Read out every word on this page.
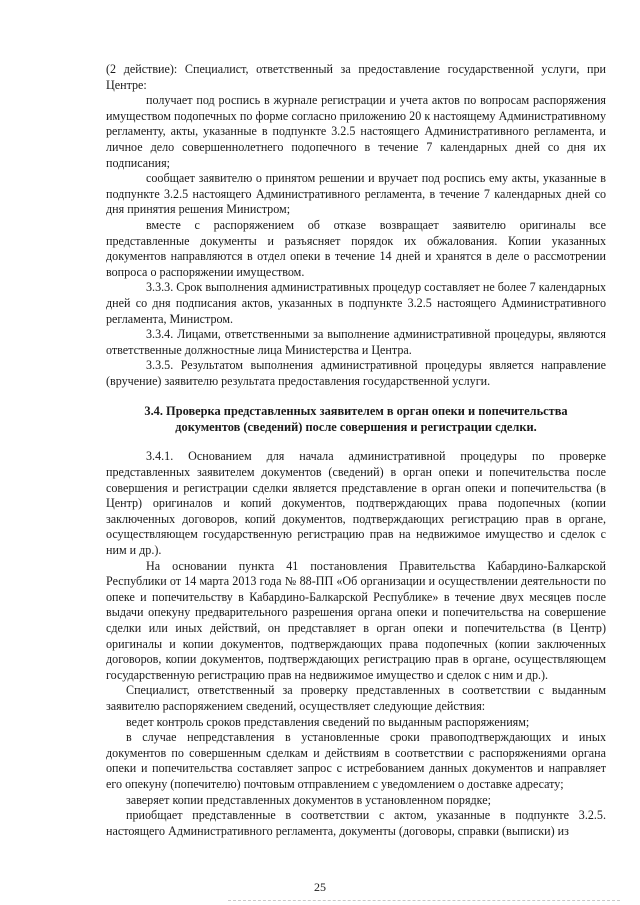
(2 действие): Специалист, ответственный за предоставление государственной услуги, при Центре:

получает под роспись в журнале регистрации и учета актов по вопросам распоряжения имуществом подопечных по форме согласно приложению 20 к настоящему Административному регламенту, акты, указанные в подпункте 3.2.5 настоящего Административного регламента, и личное дело совершеннолетнего подопечного в течение 7 календарных дней со дня их подписания;

сообщает заявителю о принятом решении и вручает под роспись ему акты, указанные в подпункте 3.2.5 настоящего Административного регламента, в течение 7 календарных дней со дня принятия решения Министром;

вместе с распоряжением об отказе возвращает заявителю оригиналы все представленные документы и разъясняет порядок их обжалования. Копии указанных документов направляются в отдел опеки в течение 14 дней и хранятся в деле о рассмотрении вопроса о распоряжении имуществом.

3.3.3. Срок выполнения административных процедур составляет не более 7 календарных дней со дня подписания актов, указанных в подпункте 3.2.5 настоящего Административного регламента, Министром.

3.3.4. Лицами, ответственными за выполнение административной процедуры, являются ответственные должностные лица Министерства и Центра.

3.3.5. Результатом выполнения административной процедуры является направление (вручение) заявителю результата предоставления государственной услуги.

3.4. Проверка представленных заявителем в орган опеки и попечительства
документов (сведений) после совершения и регистрации сделки.

3.4.1. Основанием для начала административной процедуры по проверке представленных заявителем документов (сведений) в орган опеки и попечительства после совершения и регистрации сделки является представление в орган опеки и попечительства (в Центр) оригиналов и копий документов, подтверждающих права подопечных (копии заключенных договоров, копий документов, подтверждающих регистрацию прав в органе, осуществляющем государственную регистрацию прав на недвижимое имущество и сделок с ним и др.).

На основании пункта 41 постановления Правительства Кабардино-Балкарской Республики от 14 марта 2013 года № 88-ПП «Об организации и осуществлении деятельности по опеке и попечительству в Кабардино-Балкарской Республике» в течение двух месяцев после выдачи опекуну предварительного разрешения органа опеки и попечительства на совершение сделки или иных действий, он представляет в орган опеки и попечительства (в Центр) оригиналы и копии документов, подтверждающих права подопечных (копии заключенных договоров, копии документов, подтверждающих регистрацию прав в органе, осуществляющем государственную регистрацию прав на недвижимое имущество и сделок с ним и др.).

Специалист, ответственный за проверку представленных в соответствии с выданным заявителю распоряжением сведений, осуществляет следующие действия:

ведет контроль сроков представления сведений по выданным распоряжениям;

в случае непредставления в установленные сроки правоподтверждающих и иных документов по совершенным сделкам и действиям в соответствии с распоряжениями органа опеки и попечительства составляет запрос с истребованием данных документов и направляет его опекуну (попечителю) почтовым отправлением с уведомлением о доставке адресату;

заверяет копии представленных документов в установленном порядке;

приобщает представленные в соответствии с актом, указанные в подпункте 3.2.5. настоящего Административного регламента, документы (договоры, справки (выписки) из

25
